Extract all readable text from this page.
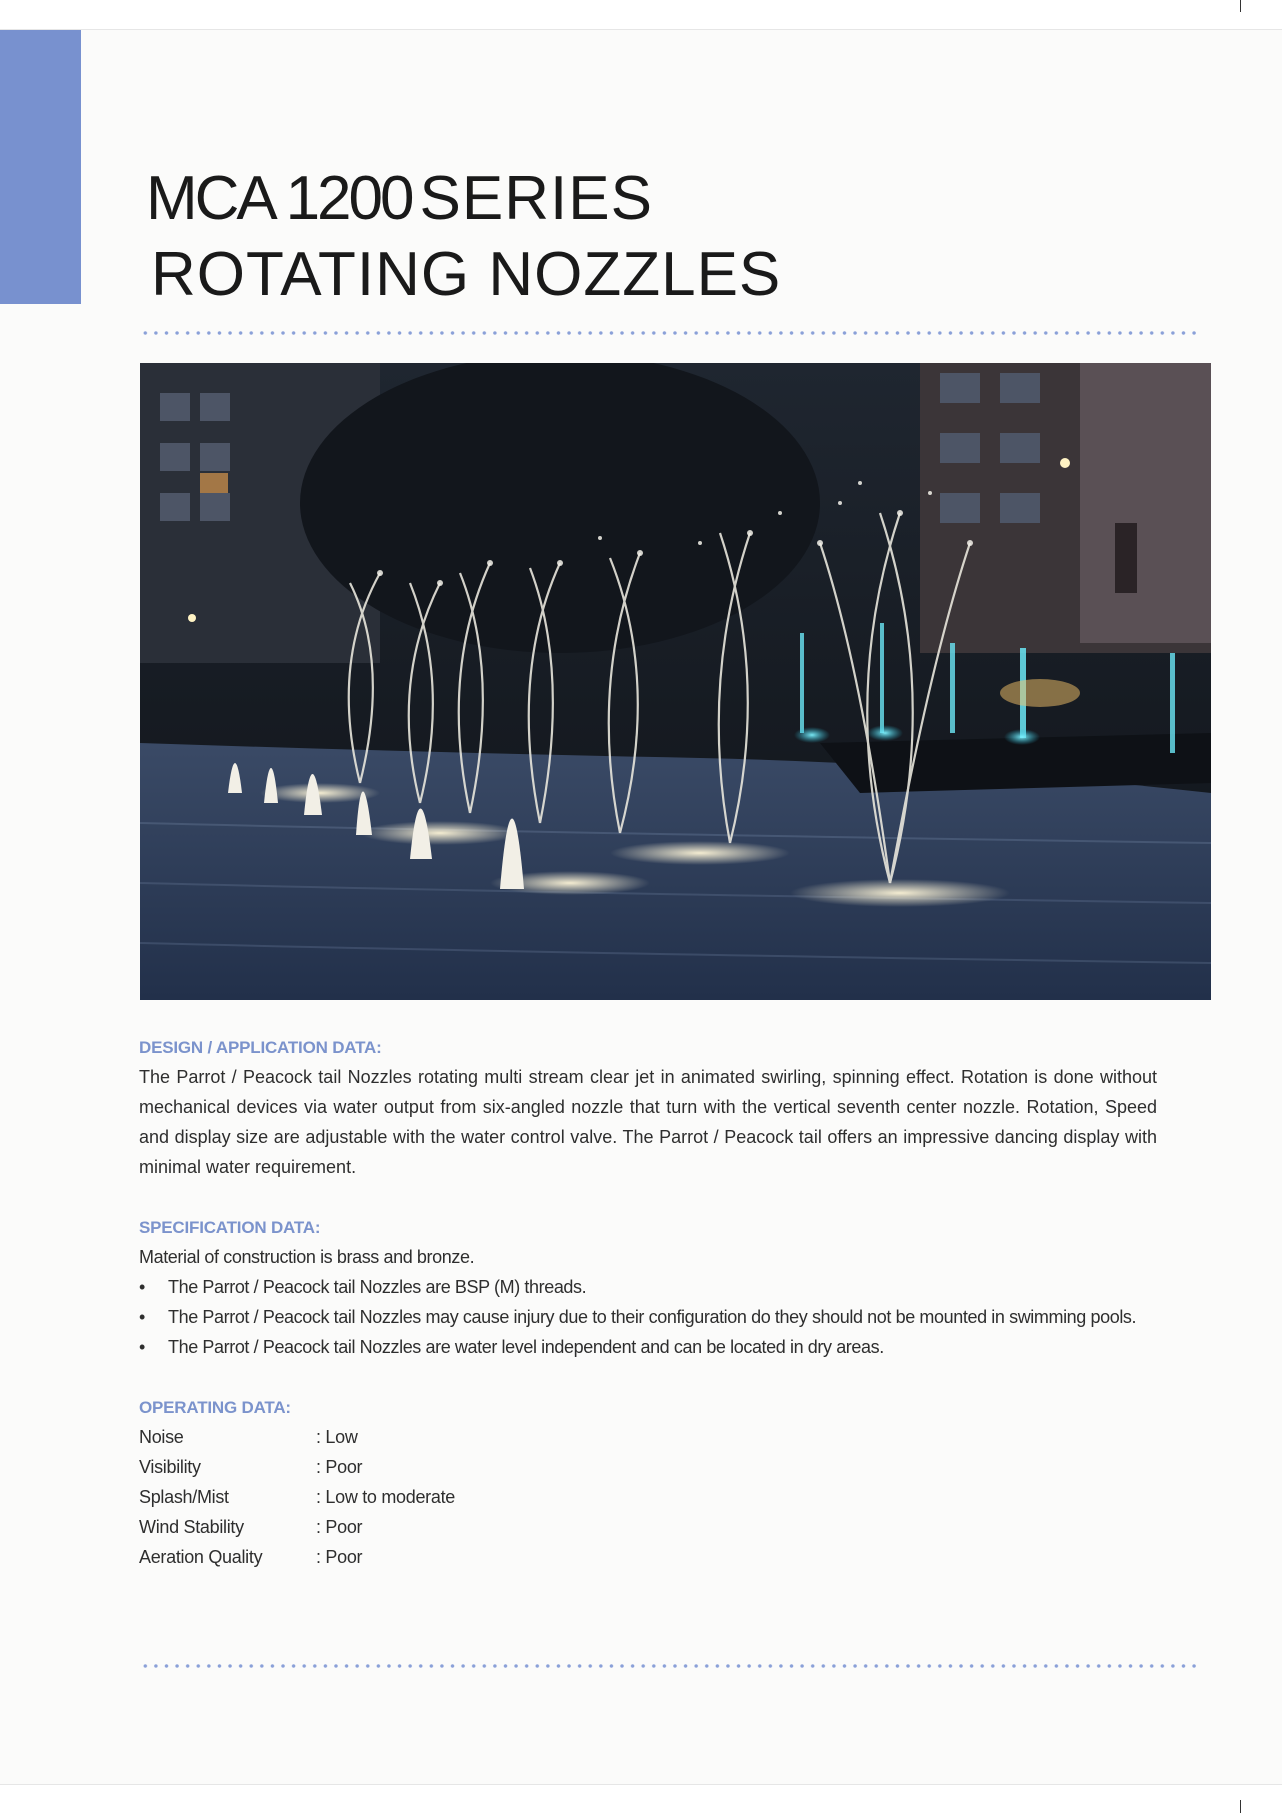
MCA 1200 SERIES
ROTATING NOZZLES
DESIGN / APPLICATION DATA:

The Parrot / Peacock tail Nozzles rotating multi stream clear jet in animated swirling, spinning effect. Rotation is done without mechanical devices via water output from six-angled nozzle that turn with the vertical seventh center nozzle. Rotation, Speed and display size are adjustable with the water control valve. The Parrot / Peacock tail offers an impressive dancing display with minimal water requirement.

SPECIFICATION DATA:

Material of construction is brass and bronze.

•	The Parrot / Peacock tail Nozzles are BSP (M) threads.
•	The Parrot / Peacock tail Nozzles may cause injury due to their configuration do they should not be mounted in swimming pools.
•	The Parrot / Peacock tail Nozzles are water level independent and can be located in dry areas.
OPERATING DATA:
Noise	: Low
Visibility	: Poor
Splash/Mist	: Low to moderate
Wind Stability	: Poor
Aeration Quality	: Poor
